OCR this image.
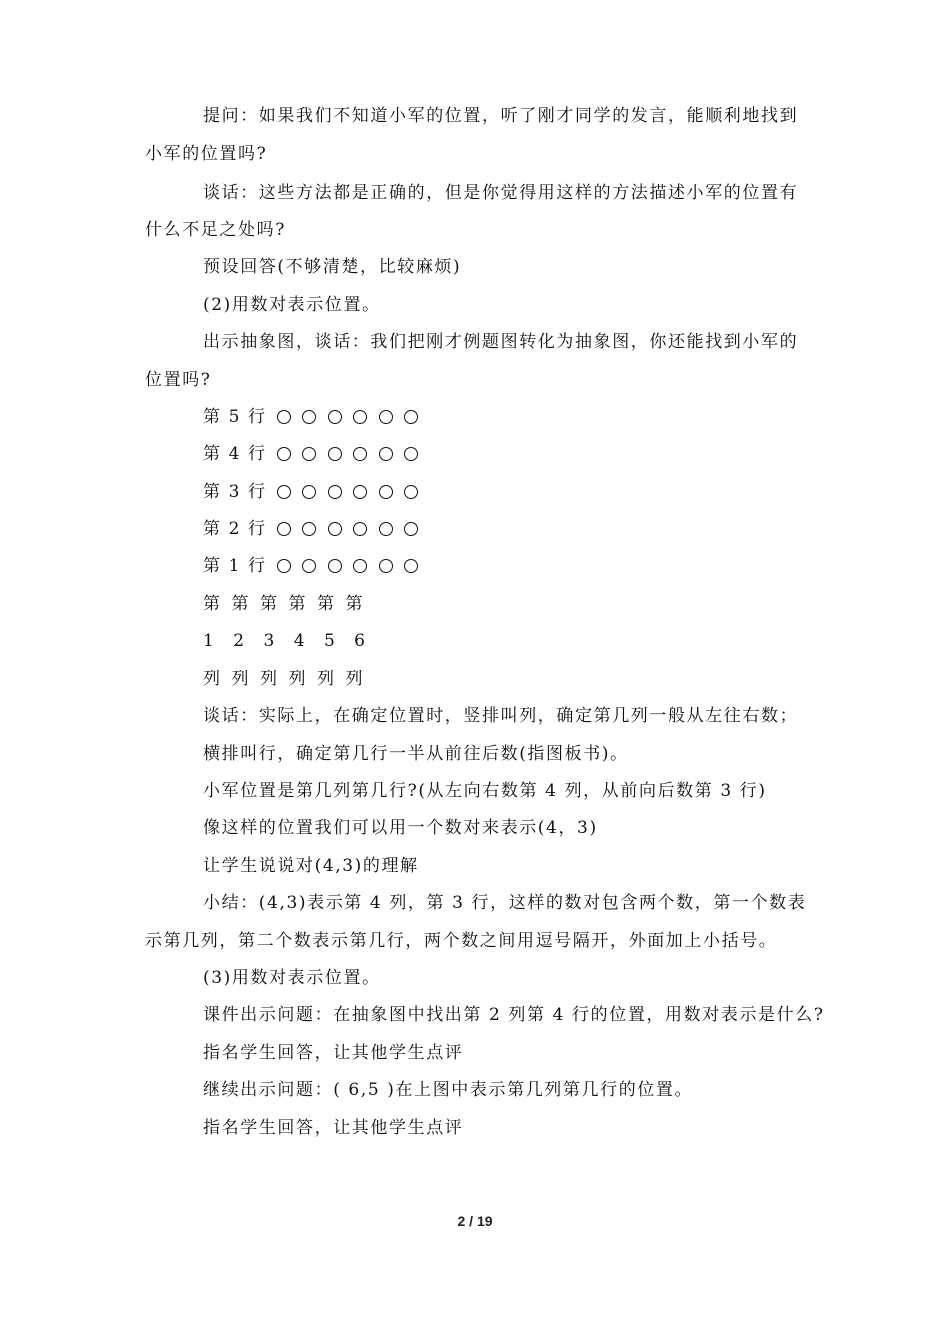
提问：如果我们不知道小军的位置，听了刚才同学的发言，能顺利地找到
小军的位置吗?
谈话：这些方法都是正确的，但是你觉得用这样的方法描述小军的位置有
什么不足之处吗?
预设回答(不够清楚，比较麻烦)
(2)用数对表示位置。
出示抽象图，谈话：我们把刚才例题图转化为抽象图，你还能找到小军的
位置吗?
第 5 行
第 4 行
第 3 行
第 2 行
第 1 行
第 第 第 第 第 第
1 2 3 4 5 6
列 列 列 列 列 列
谈话：实际上，在确定位置时，竖排叫列，确定第几列一般从左往右数；
横排叫行，确定第几行一半从前往后数(指图板书)。
小军位置是第几列第几行?(从左向右数第 4 列，从前向后数第 3 行)
像这样的位置我们可以用一个数对来表示(4，3)
让学生说说对(4,3)的理解
小结：(4,3)表示第 4 列，第 3 行，这样的数对包含两个数，第一个数表
示第几列，第二个数表示第几行，两个数之间用逗号隔开，外面加上小括号。
(3)用数对表示位置。
课件出示问题：在抽象图中找出第 2 列第 4 行的位置，用数对表示是什么?
指名学生回答，让其他学生点评
继续出示问题：( 6,5 )在上图中表示第几列第几行的位置。
指名学生回答，让其他学生点评
2 / 19
